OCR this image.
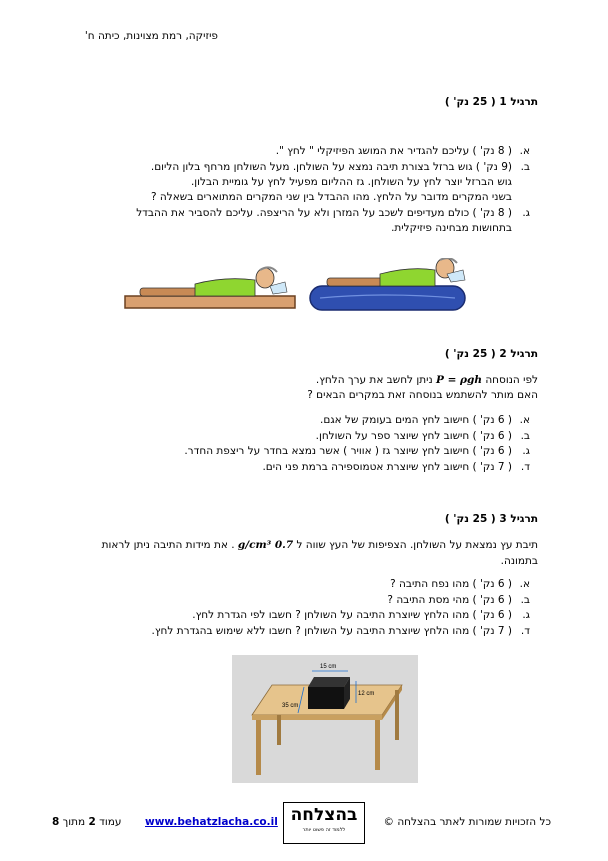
פיזיקה, רמת מצוינות, כיתה ח'
תרגיל 1 ( 25 נק' )
א.( 8 נק' ) עליכם להגדיר את המושג הפיזיקלי " לחץ ".
ב.(9 נק' ) גוש ברזל בצורת תיבה נמצא על השולחן. מעל השולחן מרחף בלון הליום.
גוש הברזל יוצר לחץ על השולחן. גז ההליום מפעיל לחץ על גומיית הבלון.
בשני המקרים מדובר על הלחץ. מהו ההבדל בין שני המקרים המתוארים בשאלה ?
ג.( 8 נק' ) כולם מעדיפים לשכב על המזרן ולא על הריצפה. עליכם להסביר את ההבדל
בתחושות מבחינה פיזיקלית.
תרגיל 2 ( 25 נק' )
לפי הנוסחה P = ρgh ניתן לחשב את ערך הלחץ.
האם מותר להשתמש בנוסחה זאת במקרים הבאים ?
א.( 6 נק' ) חישוב לחץ המים בעומק של אגם.
ב.( 6 נק' ) חישוב לחץ שיוצר ספר על השולחן.
ג.( 6 נק' ) חישוב לחץ שיוצר גז ( אוויר ) אשר נמצא בחדר על ריצפת החדר.
ד.( 7 נק' ) חישוב לחץ שיוצרת אטמוספירה ברמת פני הים.
תרגיל 3 ( 25 נק' )
תיבת עץ נמצאת על השולחן. הצפיפות של העץ שווה ל 0.7 g/cm³ . את מידות התיבה ניתן לראות
בתמונה.
א.( 6 נק' ) מהו נפח התיבה ?
ב.( 6 נק' ) מהי מסת התיבה ?
ג.( 6 נק' ) מהו הלחץ שיוצרת התיבה על השולחן ? חשבו לפי הגדרת לחץ.
ד.( 7 נק' ) מהו הלחץ שיוצרת התיבה על השולחן ? חשבו ללא שימוש בהגדרת לחץ.
15 cm
12 cm
35 cm
כל הזכויות שמורות לאתר בהצלחה ©
בהצלחה
ללמוד זה פשוט יותר
www.behatzlacha.co.il
עמוד 2 מתוך 8
